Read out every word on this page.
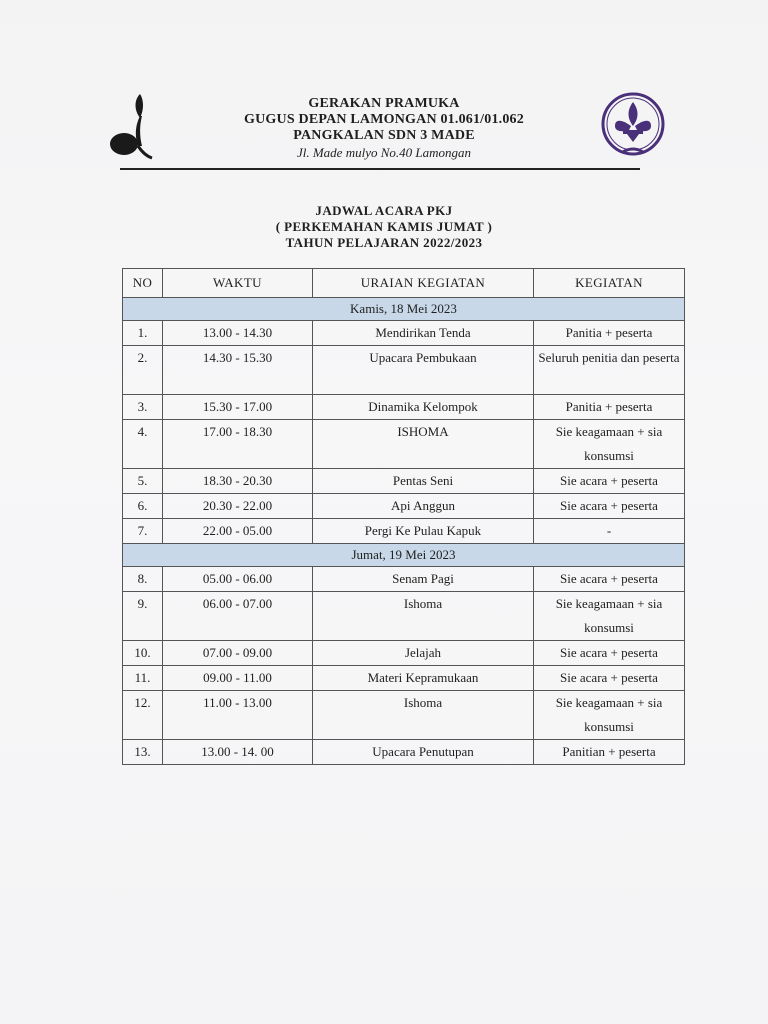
GERAKAN PRAMUKA
GUGUS DEPAN LAMONGAN 01.061/01.062
PANGKALAN SDN 3 MADE
Jl. Made mulyo No.40 Lamongan
JADWAL ACARA PKJ
( PERKEMAHAN KAMIS JUMAT )
TAHUN PELAJARAN 2022/2023
NO	WAKTU	URAIAN KEGIATAN	KEGIATAN
Kamis, 18 Mei 2023			
1.	13.00 - 14.30	Mendirikan Tenda	Panitia + peserta
2.	14.30 - 15.30	Upacara Pembukaan	Seluruh penitia dan peserta
3.	15.30 - 17.00	Dinamika Kelompok	Panitia + peserta
4.	17.00 - 18.30	ISHOMA	Sie keagamaan + sia konsumsi
5.	18.30 - 20.30	Pentas Seni	Sie acara + peserta
6.	20.30 - 22.00	Api Anggun	Sie acara + peserta
7.	22.00 - 05.00	Pergi Ke Pulau Kapuk	-
Jumat, 19 Mei 2023			
8.	05.00 - 06.00	Senam Pagi	Sie acara + peserta
9.	06.00 - 07.00	Ishoma	Sie keagamaan + sia konsumsi
10.	07.00 - 09.00	Jelajah	Sie acara + peserta
11.	09.00 - 11.00	Materi Kepramukaan	Sie acara + peserta
12.	11.00 - 13.00	Ishoma	Sie keagamaan + sia konsumsi
13.	13.00 - 14. 00	Upacara Penutupan	Panitian + peserta
